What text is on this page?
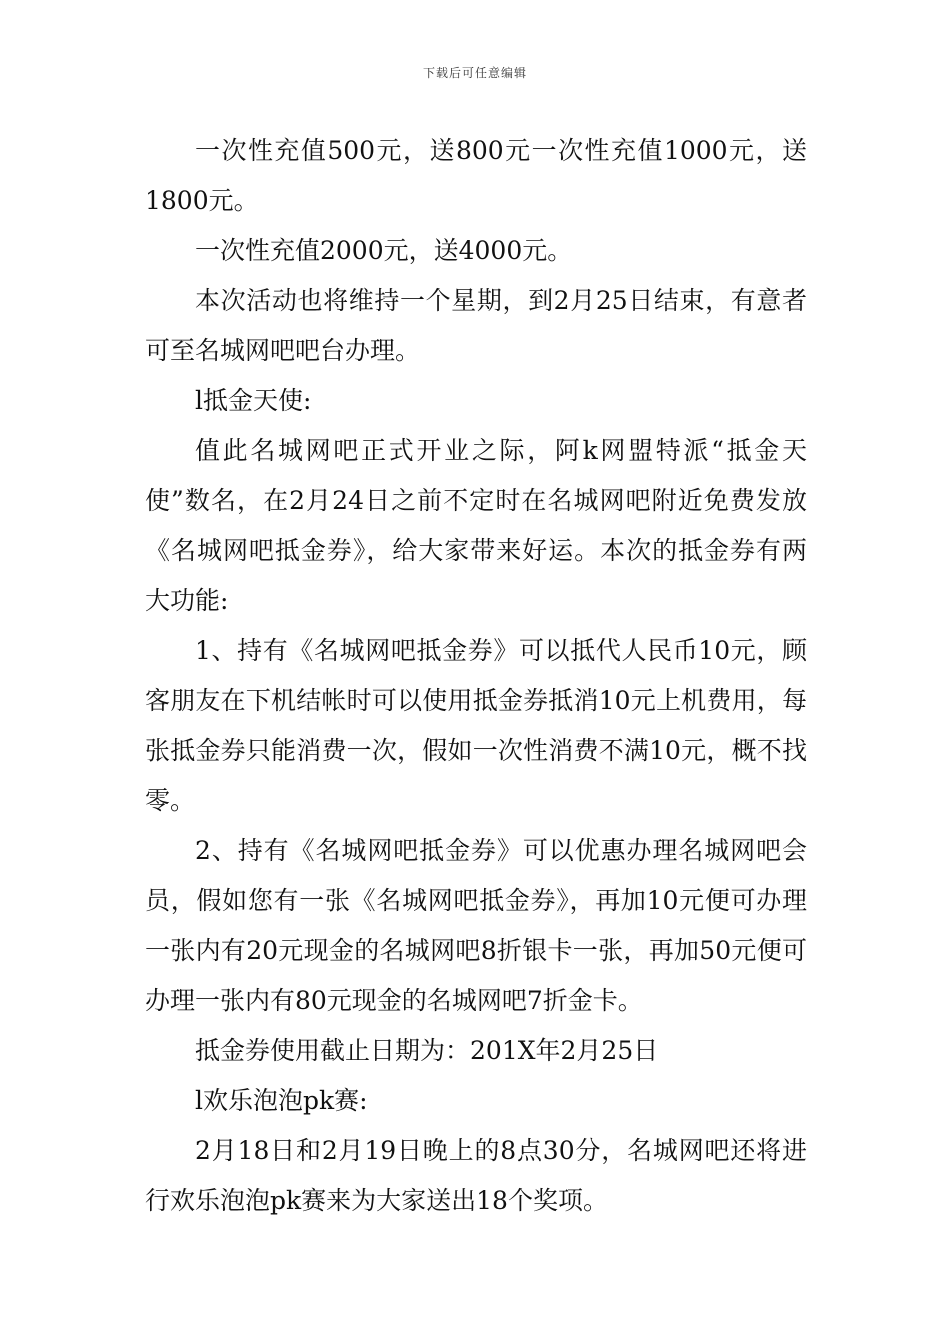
下载后可任意编辑

一次性充值500元，送800元一次性充值1000元，送1800元。

一次性充值2000元，送4000元。

本次活动也将维持一个星期，到2月25日结束，有意者可至名城网吧吧台办理。

l抵金天使:

值此名城网吧正式开业之际，阿k网盟特派“抵金天使”数名，在2月24日之前不定时在名城网吧附近免费发放《名城网吧抵金券》，给大家带来好运。本次的抵金券有两大功能:

1、持有《名城网吧抵金券》可以抵代人民币10元，顾客朋友在下机结帐时可以使用抵金券抵消10元上机费用，每张抵金券只能消费一次，假如一次性消费不满10元，概不找零。

2、持有《名城网吧抵金券》可以优惠办理名城网吧会员，假如您有一张《名城网吧抵金券》，再加10元便可办理一张内有20元现金的名城网吧8折银卡一张，再加50元便可办理一张内有80元现金的名城网吧7折金卡。

抵金券使用截止日期为：201X年2月25日

l欢乐泡泡pk赛:

2月18日和2月19日晚上的8点30分，名城网吧还将进行欢乐泡泡pk赛来为大家送出18个奖项。
